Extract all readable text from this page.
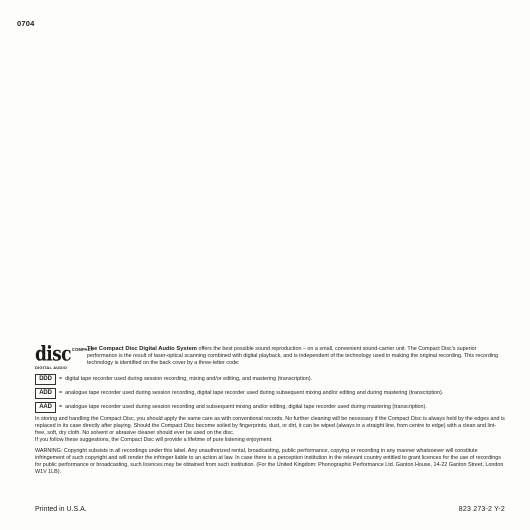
0704
disc COMPACT
DIGITAL AUDIO
The Compact Disc Digital Audio System offers the best possible sound reproduction – on a small, convenient sound-carrier unit. The Compact Disc's superior performance is the result of laser-optical scanning combined with digital playback, and is independent of the technology used in making the original recording. This recording technology is identified on the back cover by a three-letter code:
DDD	= digital tape recorder used during session recording, mixing and/or editing, and mastering (transcription).
ADD	= analogue tape recorder used during session recording, digital tape recorder used during subsequent mixing and/or editing and during mastering (transcription).
AAD	= analogue tape recorder used during session recording and subsequent mixing and/or editing, digital tape recorder used during mastering (transcription).
In storing and handling the Compact Disc, you should apply the same care as with conventional records. No further cleaning will be necessary if the Compact Disc is always held by the edges and is replaced in its case directly after playing. Should the Compact Disc become soiled by fingerprints, dust, or dirt, it can be wiped (always in a straight line, from centre to edge) with a clean and lint-free, soft, dry cloth. No solvent or abrasive cleaner should ever be used on the disc.
If you follow these suggestions, the Compact Disc will provide a lifetime of pure listening enjoyment.
WARNING: Copyright subsists in all recordings under this label. Any unauthorized rental, broadcasting, public performance, copying or recording in any manner whatsoever will constitute infringement of such copyright and will render the infringer liable to an action at law. In case there is a perception institution in the relevant country entitled to grant licences for the use of recordings for public performance or broadcasting, such licences may be obtained from such institution. (For the United Kingdom: Phonographic Performance Ltd. Ganton House, 14-22 Ganton Street, London W1V 1LB).
Printed in U.S.A.	823 273-2 Y-2
